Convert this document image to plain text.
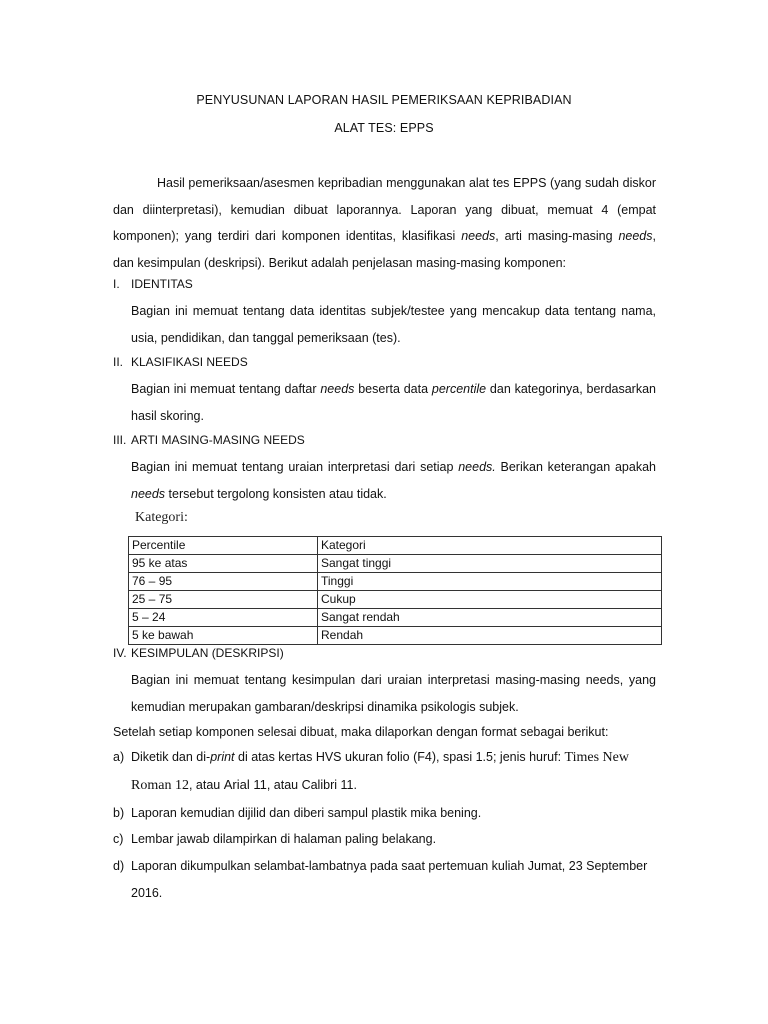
PENYUSUNAN LAPORAN HASIL PEMERIKSAAN KEPRIBADIAN
ALAT TES: EPPS

Hasil pemeriksaan/asesmen kepribadian menggunakan alat tes EPPS (yang sudah diskor dan diinterpretasi), kemudian dibuat laporannya. Laporan yang dibuat, memuat 4 (empat komponen); yang terdiri dari komponen identitas, klasifikasi needs, arti masing-masing needs, dan kesimpulan (deskripsi). Berikut adalah penjelasan masing-masing komponen:

I. IDENTITAS

Bagian ini memuat tentang data identitas subjek/testee yang mencakup data tentang nama, usia, pendidikan, dan tanggal pemeriksaan (tes).

II. KLASIFIKASI NEEDS

Bagian ini memuat tentang daftar needs beserta data percentile dan kategorinya, berdasarkan hasil skoring.

III. ARTI MASING-MASING NEEDS

Bagian ini memuat tentang uraian interpretasi dari setiap needs. Berikan keterangan apakah needs tersebut tergolong konsisten atau tidak.

Kategori:
Percentile	Kategori
95 ke atas	Sangat tinggi
76 – 95	Tinggi
25 – 75	Cukup
5 – 24	Sangat rendah
5 ke bawah	Rendah
IV. KESIMPULAN (DESKRIPSI)

Bagian ini memuat tentang kesimpulan dari uraian interpretasi masing-masing needs, yang kemudian merupakan gambaran/deskripsi dinamika psikologis subjek.

Setelah setiap komponen selesai dibuat, maka dilaporkan dengan format sebagai berikut:
a) Diketik dan di-print di atas kertas HVS ukuran folio (F4), spasi 1.5; jenis huruf: Times New Roman 12, atau Arial 11, atau Calibri 11.
b) Laporan kemudian dijilid dan diberi sampul plastik mika bening.
c) Lembar jawab dilampirkan di halaman paling belakang.
d) Laporan dikumpulkan selambat-lambatnya pada saat pertemuan kuliah Jumat, 23 September 2016.
